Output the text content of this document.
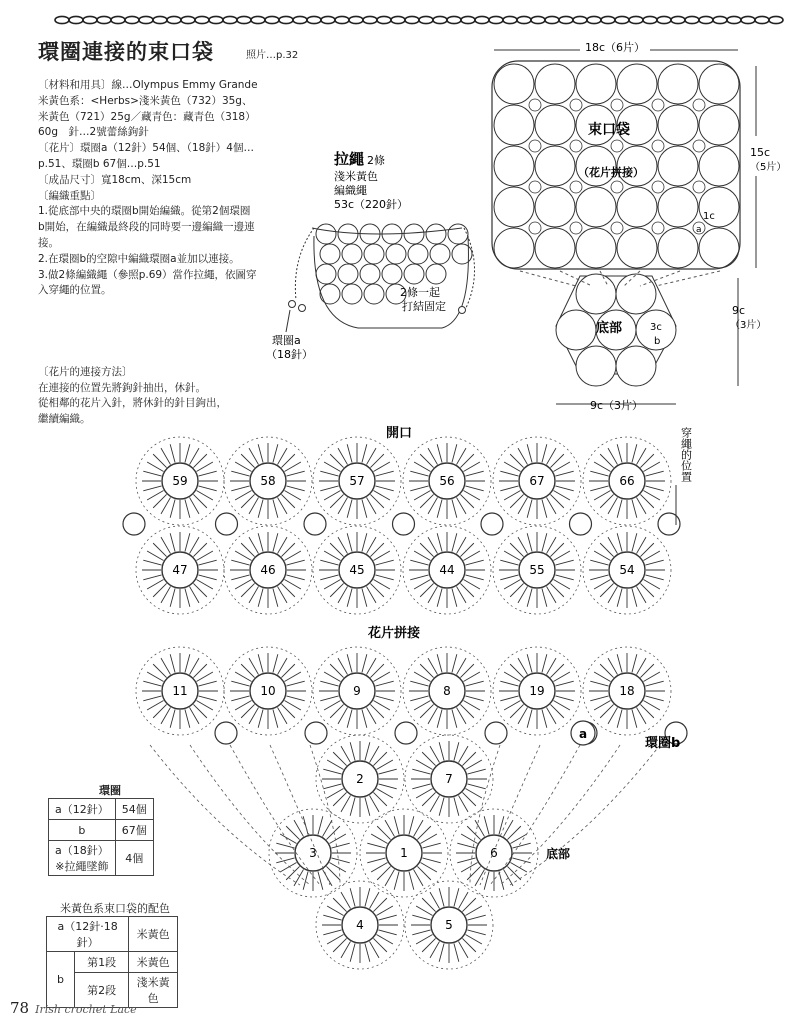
環圈連接的束口袋	照片…p.32

〔材料和用具〕線…Olympus Emmy Grande

米黃色系：<Herbs>淺米黃色（732）35g、

米黃色（721）25g／藏青色：藏青色（318）

60g　針…2號蕾絲鉤針

〔花片〕環圈a（12針）54個、（18針）4個…

p.51、環圈b 67個…p.51

〔成品尺寸〕寬18cm、深15cm

〔編織重點〕

1.從底部中央的環圈b開始編織。從第2個環圈

b開始，在編織最終段的同時要一邊編織一邊連

接。

2.在環圈b的空隙中編織環圈a並加以連接。

3.做2條編織繩（參照p.69）當作拉繩，依圖穿

入穿繩的位置。

拉繩 2條
淺米黃色
編織繩
53c（220針）
2條一起
打結固定
環圈a
（18針）
18c（6片）
15c
（5片）
束口袋
（花片拼接）
1c
a
底部	3c
b
9c
（3片）
9c（3片）

〔花片的連接方法〕

在連接的位置先將鉤針抽出，休針。

從相鄰的花片入針，將休針的針目鉤出，

繼續編織。

59	58	57	56	67	66
47	46	45	44	55	54
11	10	9	8	19	18
a
2	7
3	1	6
4	5
開口
花片拼接
環圈b
底部
穿繩的位置
環圈
a（12針）	54個
b	67個

a（18針）
※拉繩墜飾	4個
米黃色系束口袋的配色
a（12針·18針）		米黃色
b	第1段	米黃色
	第2段	淺米黃色
78 Irish crochet Lace
